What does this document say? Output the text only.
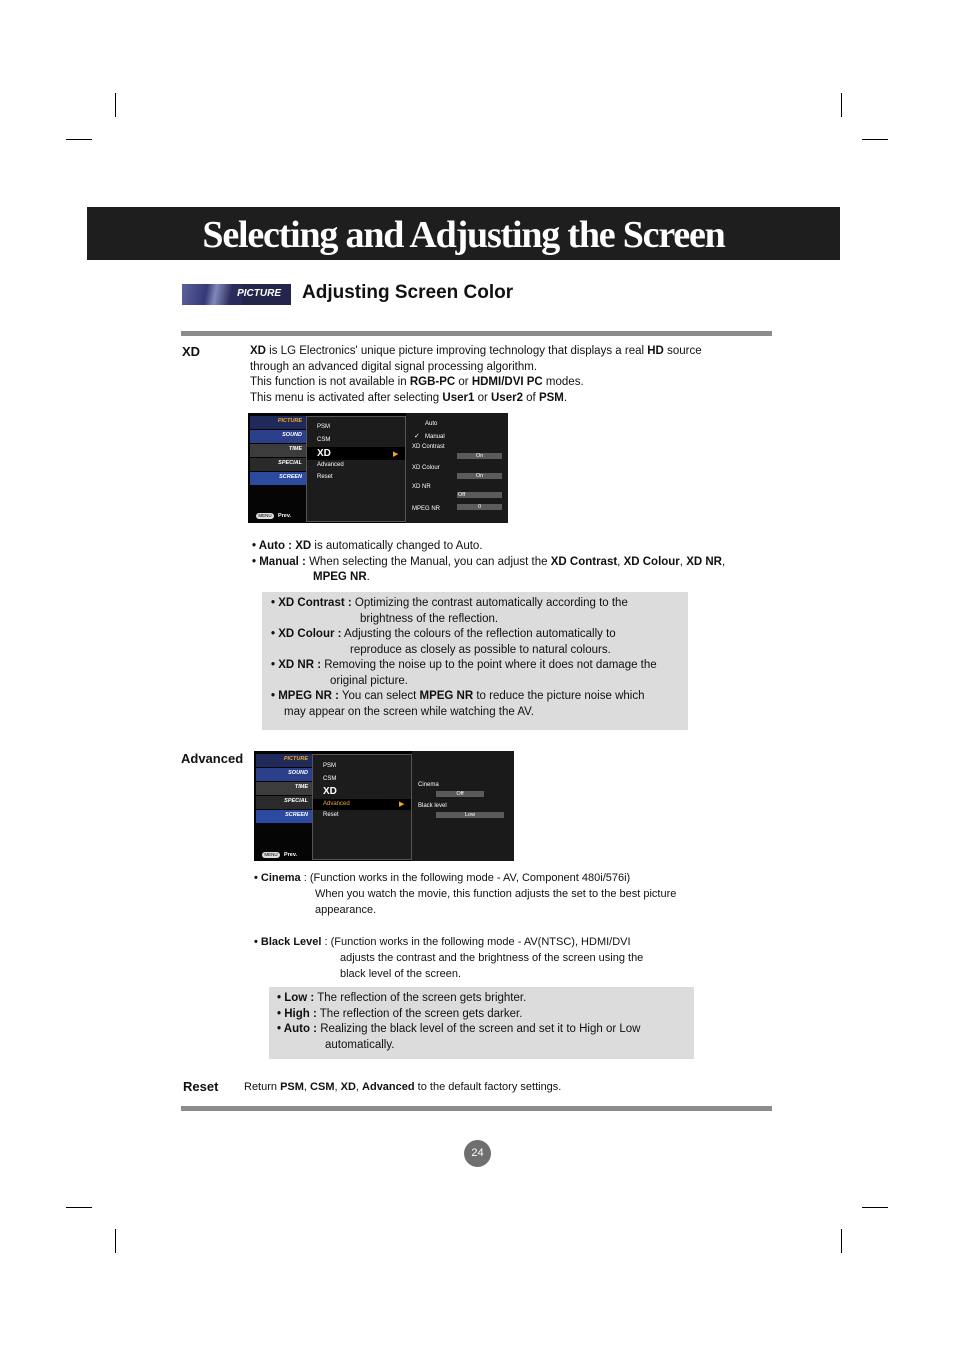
Selecting and Adjusting the Screen
PICTURE Adjusting Screen Color
XD	XD is LG Electronics' unique picture improving technology that displays a real HD source
through an advanced digital signal processing algorithm.
This function is not available in RGB-PC or HDMI/DVI PC modes.
This menu is activated after selecting User1 or User2 of PSM.
PICTURE
SOUND
TIME
SPECIAL
SCREEN
MENU	Prev.
PSM
CSM
XD	▶
Advanced
Reset
Auto
✓ Manual
XD Contrast
On
XD Colour
On
XD NR
Off
MPEG NR	0
• Auto : XD is automatically changed to Auto.
• Manual : When selecting the Manual, you can adjust the XD Contrast, XD Colour, XD NR,
MPEG NR.
• XD Contrast : Optimizing the contrast automatically according to the
brightness of the reflection.
• XD Colour : Adjusting the colours of the reflection automatically to
reproduce as closely as possible to natural colours.
• XD NR : Removing the noise up to the point where it does not damage the
original picture.
• MPEG NR : You can select MPEG NR to reduce the picture noise which
may appear on the screen while watching the AV.
Advanced	PICTURE
SOUND
TIME
SPECIAL
SCREEN
MENU	Prev.
PSM
CSM
XD
Advanced	▶
Reset
Cinema
Off
Black level
Low
• Cinema : (Function works in the following mode - AV, Component 480i/576i)
When you watch the movie, this function adjusts the set to the best picture
appearance.
• Black Level : (Function works in the following mode - AV(NTSC), HDMI/DVI
adjusts the contrast and the brightness of the screen using the
black level of the screen.
• Low : The reflection of the screen gets brighter.
• High : The reflection of the screen gets darker.
• Auto : Realizing the black level of the screen and set it to High or Low
automatically.
Reset Return PSM, CSM, XD, Advanced to the default factory settings.
24
